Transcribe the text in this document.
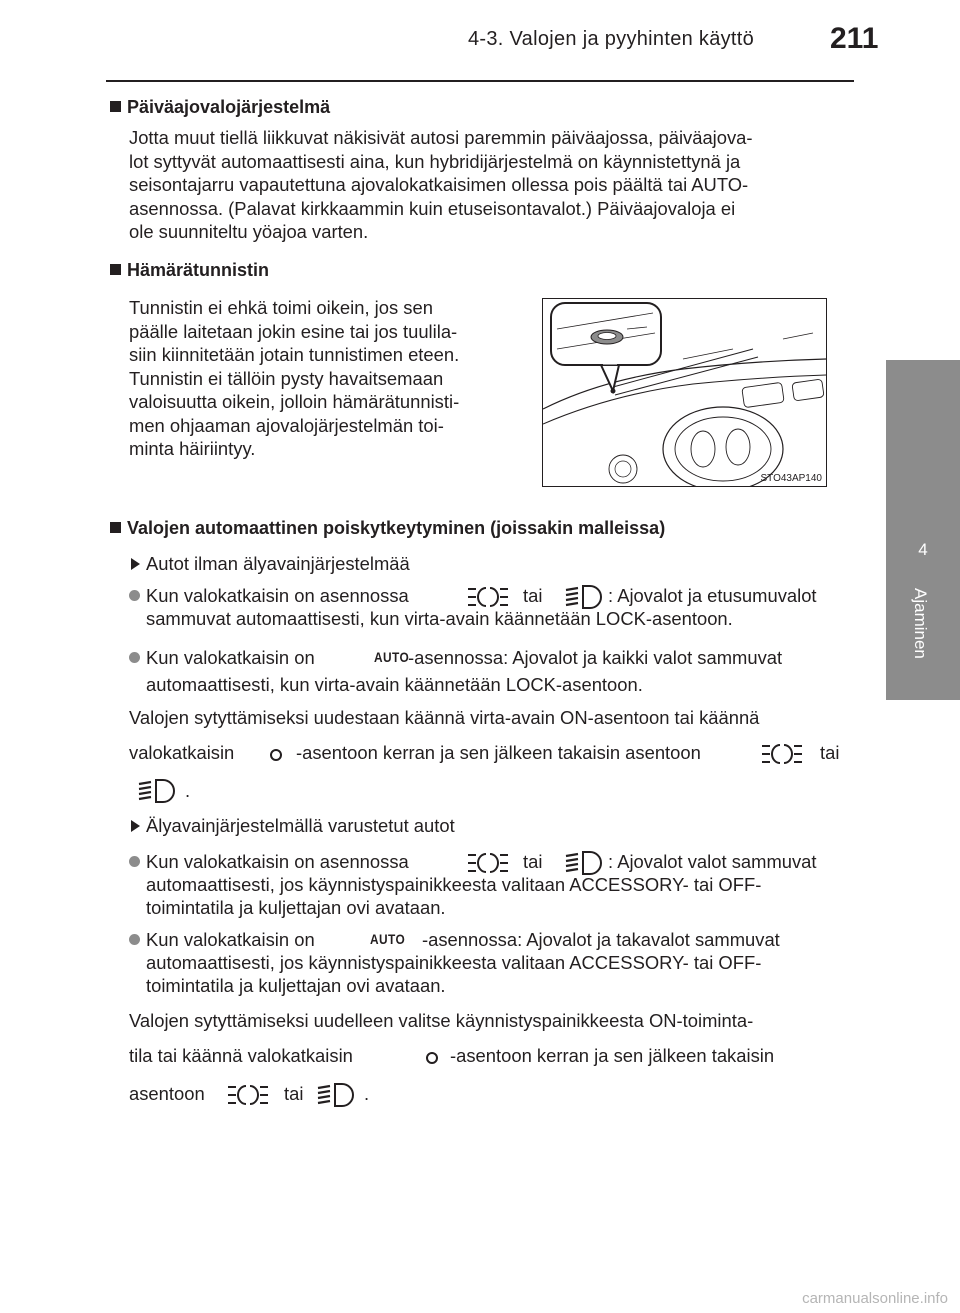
4-3. Valojen ja pyyhinten käyttö	211
4
Ajaminen
Päiväajovalojärjestelmä
Jotta muut tiellä liikkuvat näkisivät autosi paremmin päiväajossa, päiväajova-
lot syttyvät automaattisesti aina, kun hybridijärjestelmä on käynnistettynä ja
seisontajarru vapautettuna ajovalokatkaisimen ollessa pois päältä tai AUTO-
asennossa. (Palavat kirkkaammin kuin etuseisontavalot.) Päiväajovaloja ei
ole suunniteltu yöajoa varten.
Hämärätunnistin
Tunnistin ei ehkä toimi oikein, jos sen
päälle laitetaan jokin esine tai jos tuulila-
siin kiinnitetään jotain tunnistimen eteen.
Tunnistin ei tällöin pysty havaitsemaan
valoisuutta oikein, jolloin hämärätunnisti-
men ohjaaman ajovalojärjestelmän toi-
minta häiriintyy.
STO43AP140
Valojen automaattinen poiskytkeytyminen (joissakin malleissa)
Autot ilman älyavainjärjestelmää
Kun valokatkaisin on asennossa	tai	: Ajovalot ja etusumuvalot
sammuvat automaattisesti, kun virta-avain käännetään LOCK-asentoon.
Kun valokatkaisin on	AUTO
-asennossa: Ajovalot ja kaikki valot sammuvat
automaattisesti, kun virta-avain käännetään LOCK-asentoon.
Valojen sytyttämiseksi uudestaan käännä virta-avain ON-asentoon tai käännä
valokatkaisin	-asentoon kerran ja sen jälkeen takaisin asentoon	tai
.
Älyavainjärjestelmällä varustetut autot
Kun valokatkaisin on asennossa	tai	: Ajovalot valot sammuvat
automaattisesti, jos käynnistyspainikkeesta valitaan ACCESSORY- tai OFF-
toimintatila ja kuljettajan ovi avataan.
Kun valokatkaisin on	AUTO -asennossa: Ajovalot ja takavalot sammuvat
automaattisesti, jos käynnistyspainikkeesta valitaan ACCESSORY- tai OFF-
toimintatila ja kuljettajan ovi avataan.
Valojen sytyttämiseksi uudelleen valitse käynnistyspainikkeesta ON-toiminta-
tila tai käännä valokatkaisin	-asentoon kerran ja sen jälkeen takaisin
asentoon	tai	.
carmanualsonline.info
